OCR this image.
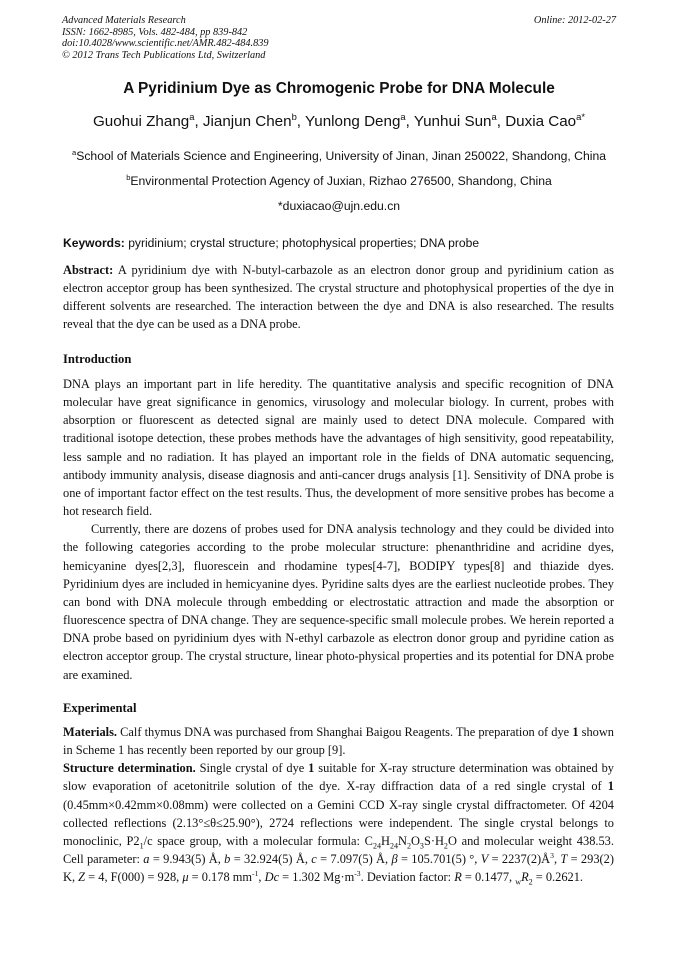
Advanced Materials Research
ISSN: 1662-8985, Vols. 482-484, pp 839-842
doi:10.4028/www.scientific.net/AMR.482-484.839
© 2012 Trans Tech Publications Ltd, Switzerland
Online: 2012-02-27
A Pyridinium Dye as Chromogenic Probe for DNA Molecule
Guohui Zhang$^a$, Jianjun Chen$^b$, Yunlong Deng$^a$, Yunhui Sun$^a$, Duxia Cao$^{a*}$
$^a$School of Materials Science and Engineering, University of Jinan, Jinan 250022, Shandong, China
$^b$Environmental Protection Agency of Juxian, Rizhao 276500, Shandong, China
*duxiacao@ujn.edu.cn
Keywords: pyridinium; crystal structure; photophysical properties; DNA probe

Abstract: A pyridinium dye with N-butyl-carbazole as an electron donor group and pyridinium cation as electron acceptor group has been synthesized. The crystal structure and photophysical properties of the dye in different solvents are researched. The interaction between the dye and DNA is also researched. The results reveal that the dye can be used as a DNA probe.

Introduction

DNA plays an important part in life heredity. The quantitative analysis and specific recognition of DNA molecular have great significance in genomics, virusology and molecular biology. In current, probes with absorption or fluorescent as detected signal are mainly used to detect DNA molecule. Compared with traditional isotope detection, these probes methods have the advantages of high sensitivity, good repeatability, less sample and no radiation. It has played an important role in the fields of DNA automatic sequencing, antibody immunity analysis, disease diagnosis and anti-cancer drugs analysis [1]. Sensitivity of DNA probe is one of important factor effect on the test results. Thus, the development of more sensitive probes has become a hot research field.

Currently, there are dozens of probes used for DNA analysis technology and they could be divided into the following categories according to the probe molecular structure: phenanthridine and acridine dyes, hemicyanine dyes[2,3], fluorescein and rhodamine types[4-7], BODIPY types[8] and thiazide dyes. Pyridinium dyes are included in hemicyanine dyes. Pyridine salts dyes are the earliest nucleotide probes. They can bond with DNA molecule through embedding or electrostatic attraction and made the absorption or fluorescence spectra of DNA change. They are sequence-specific small molecule probes. We herein reported a DNA probe based on pyridinium dyes with N-ethyl carbazole as electron donor group and pyridine cation as electron acceptor group. The crystal structure, linear photo-physical properties and its potential for DNA probe are examined.

Experimental

Materials. Calf thymus DNA was purchased from Shanghai Baigou Reagents. The preparation of dye 1 shown in Scheme 1 has recently been reported by our group [9].

Structure determination. Single crystal of dye 1 suitable for X-ray structure determination was obtained by slow evaporation of acetonitrile solution of the dye. X-ray diffraction data of a red single crystal of 1 (0.45mm×0.42mm×0.08mm) were collected on a Gemini CCD X-ray single crystal diffractometer. Of 4204 collected reflections (2.13°≤θ≤25.90°), 2724 reflections were independent. The single crystal belongs to monoclinic, $P2_1/c$ space group, with a molecular formula: $C_{24}H_{24}N_2O_3S\cdot H_2O$ and molecular weight 438.53. Cell parameter: a = 9.943(5) Å, b = 32.924(5) Å, c = 7.097(5) Å, β = 105.701(5) °, $V = 2237(2)Å^3$, T = 293(2) K, Z = 4, F(000) = 928, μ = 0.178 $mm^{-1}$, Dc = 1.302 $Mg\cdot m^{-3}$. Deviation factor: R = 0.1477, $_wR_2 = 0.2621$.
